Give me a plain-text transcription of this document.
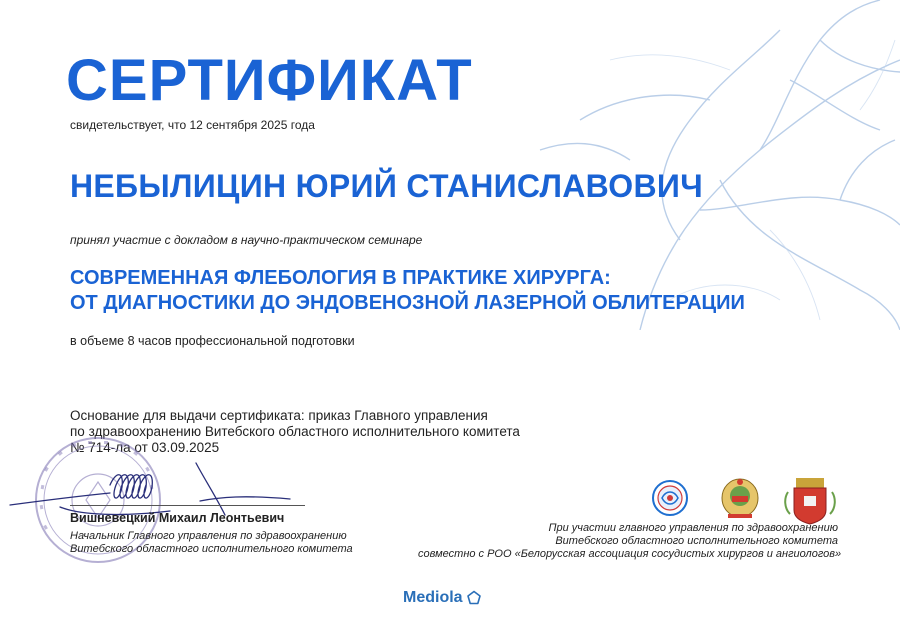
СЕРТИФИКАТ
свидетельствует, что 12 сентября 2025 года
НЕБЫЛИЦИН ЮРИЙ СТАНИСЛАВОВИЧ
принял участие с докладом в научно-практическом семинаре
СОВРЕМЕННАЯ ФЛЕБОЛОГИЯ В ПРАКТИКЕ ХИРУРГА:
ОТ ДИАГНОСТИКИ ДО ЭНДОВЕНОЗНОЙ ЛАЗЕРНОЙ ОБЛИТЕРАЦИИ
в объеме 8 часов профессиональной подготовки
Основание для выдачи сертификата: приказ Главного управления
по здравоохранению Витебского областного исполнительного комитета
№ 714-ла от 03.09.2025
Вишневецкий Михаил Леонтьевич
Начальник Главного управления по здравоохранению
Витебского областного исполнительного комитета
При участии главного управления по здравоохранению
Витебского областного исполнительного комитета
совместно с РОО «Белорусская ассоциация сосудистых хирургов и ангиологов»
Mediola
